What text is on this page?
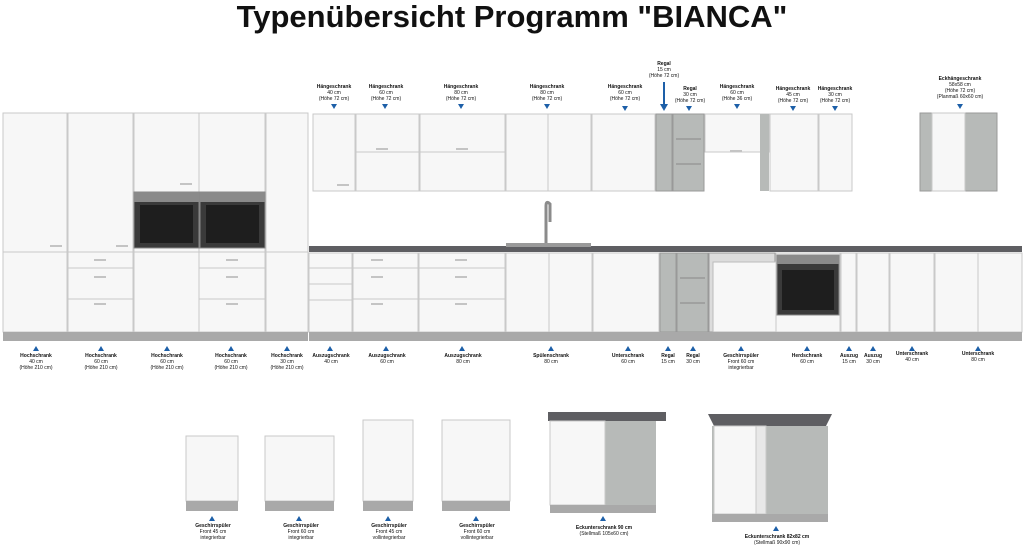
Typenübersicht Programm "BIANCA"
Hängeschrank
40 cm
(Höhe 72 cm)
Hängeschrank
60 cm
(Höhe 72 cm)
Hängeschrank
80 cm
(Höhe 72 cm)
Hängeschrank
80 cm
(Höhe 72 cm)
Hängeschrank
60 cm
(Höhe 72 cm)
Regal
15 cm
(Höhe 72 cm)
Regal
30 cm
(Höhe 72 cm)
Hängeschrank
60 cm
(Höhe 36 cm)
Hängeschrank
45 cm
(Höhe 72 cm)
Hängeschrank
30 cm
(Höhe 72 cm)
Eckhängeschrank
58x58 cm
(Höhe 72 cm)
(Planmaß 60x60 cm)
Hochschrank
40 cm
(Höhe 210 cm)
Hochschrank
60 cm
(Höhe 210 cm)
Hochschrank
60 cm
(Höhe 210 cm)
Hochschrank
60 cm
(Höhe 210 cm)
Hochschrank
30 cm
(Höhe 210 cm)
Auszugschrank
40 cm
Auszugschrank
60 cm
Auszugschrank
80 cm
Spülenschrank
80 cm
Unterschrank
60 cm
Regal
15 cm
Regal
30 cm
Geschirrspüler
Front 60 cm
integrierbar
Herdschrank
60 cm
Auszug
15 cm
Auszug
30 cm
Unterschrank
40 cm
Unterschrank
80 cm
Geschirrspüler
Front 45 cm
integrierbar
Geschirrspüler
Front 60 cm
integrierbar
Geschirrspüler
Front 45 cm
vollintegrierbar
Geschirrspüler
Front 60 cm
vollintegrierbar
Eckunterschrank 90 cm
(Stellmaß 105x60 cm)	Eckunterschrank 82x82 cm
(Stellmaß 90x90 cm)
